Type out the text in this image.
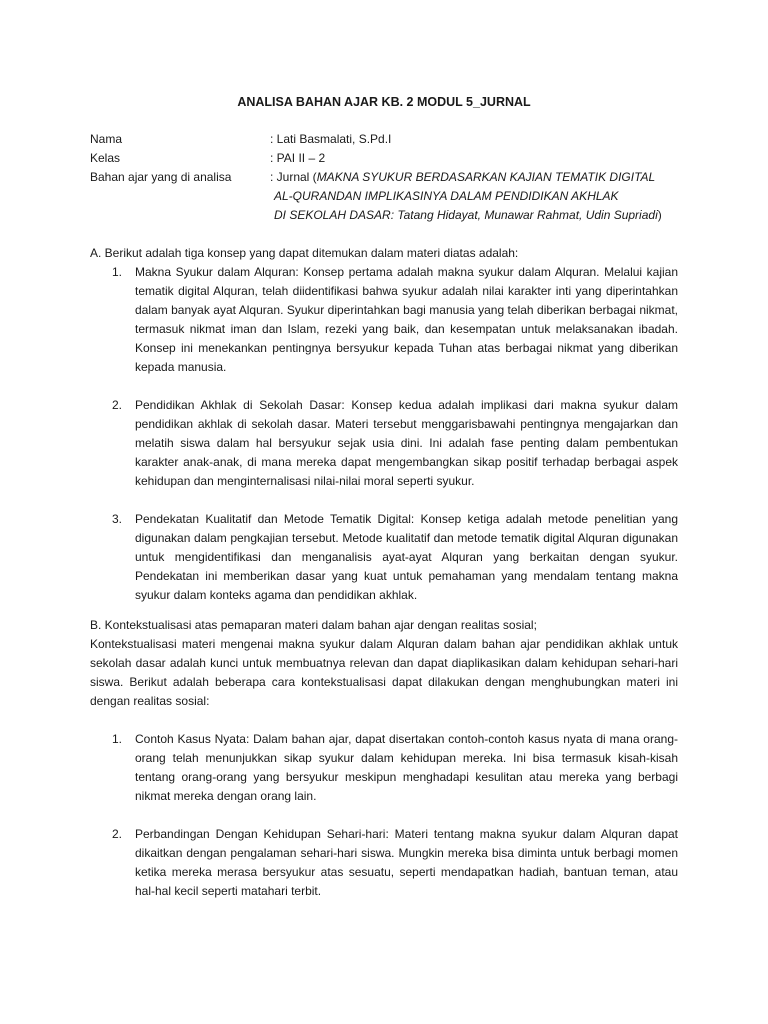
ANALISA BAHAN AJAR KB. 2 MODUL 5_JURNAL
Nama	: Lati Basmalati, S.Pd.I
Kelas	: PAI II – 2
Bahan ajar yang di analisa	: Jurnal (MAKNA SYUKUR BERDASARKAN KAJIAN TEMATIK DIGITAL
AL-QURANDAN IMPLIKASINYA DALAM PENDIDIKAN AKHLAK
DI SEKOLAH DASAR: Tatang Hidayat, Munawar Rahmat, Udin Supriadi)
A. Berikut adalah tiga konsep yang dapat ditemukan dalam materi diatas adalah:
1. Makna Syukur dalam Alquran: Konsep pertama adalah makna syukur dalam Alquran. Melalui kajian tematik digital Alquran, telah diidentifikasi bahwa syukur adalah nilai karakter inti yang diperintahkan dalam banyak ayat Alquran. Syukur diperintahkan bagi manusia yang telah diberikan berbagai nikmat, termasuk nikmat iman dan Islam, rezeki yang baik, dan kesempatan untuk melaksanakan ibadah. Konsep ini menekankan pentingnya bersyukur kepada Tuhan atas berbagai nikmat yang diberikan kepada manusia.
2. Pendidikan Akhlak di Sekolah Dasar: Konsep kedua adalah implikasi dari makna syukur dalam pendidikan akhlak di sekolah dasar. Materi tersebut menggarisbawahi pentingnya mengajarkan dan melatih siswa dalam hal bersyukur sejak usia dini. Ini adalah fase penting dalam pembentukan karakter anak-anak, di mana mereka dapat mengembangkan sikap positif terhadap berbagai aspek kehidupan dan menginternalisasi nilai-nilai moral seperti syukur.
3. Pendekatan Kualitatif dan Metode Tematik Digital: Konsep ketiga adalah metode penelitian yang digunakan dalam pengkajian tersebut. Metode kualitatif dan metode tematik digital Alquran digunakan untuk mengidentifikasi dan menganalisis ayat-ayat Alquran yang berkaitan dengan syukur. Pendekatan ini memberikan dasar yang kuat untuk pemahaman yang mendalam tentang makna syukur dalam konteks agama dan pendidikan akhlak.
B. Kontekstualisasi atas pemaparan materi dalam bahan ajar dengan realitas sosial;
Kontekstualisasi materi mengenai makna syukur dalam Alquran dalam bahan ajar pendidikan akhlak untuk sekolah dasar adalah kunci untuk membuatnya relevan dan dapat diaplikasikan dalam kehidupan sehari-hari siswa. Berikut adalah beberapa cara kontekstualisasi dapat dilakukan dengan menghubungkan materi ini dengan realitas sosial:
1. Contoh Kasus Nyata: Dalam bahan ajar, dapat disertakan contoh-contoh kasus nyata di mana orang-orang telah menunjukkan sikap syukur dalam kehidupan mereka. Ini bisa termasuk kisah-kisah tentang orang-orang yang bersyukur meskipun menghadapi kesulitan atau mereka yang berbagi nikmat mereka dengan orang lain.
2. Perbandingan Dengan Kehidupan Sehari-hari: Materi tentang makna syukur dalam Alquran dapat dikaitkan dengan pengalaman sehari-hari siswa. Mungkin mereka bisa diminta untuk berbagi momen ketika mereka merasa bersyukur atas sesuatu, seperti mendapatkan hadiah, bantuan teman, atau hal-hal kecil seperti matahari terbit.
